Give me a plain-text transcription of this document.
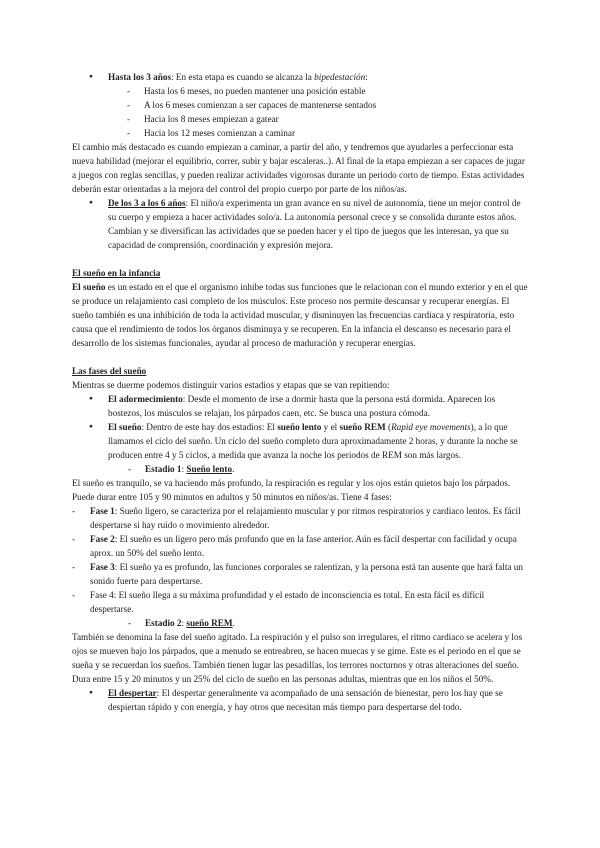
● Hasta los 3 años: En esta etapa es cuando se alcanza la bipedestación:

- Hasta los 6 meses, no pueden mantener una posición estable

- A los 6 meses comienzan a ser capaces de mantenerse sentados

- Hacia los 8 meses empiezan a gatear

- Hacia los 12 meses comienzan a caminar

El cambio más destacado es cuando empiezan a caminar, a partir del año, y tendremos que ayudarles a perfeccionar esta nueva habilidad (mejorar el equilibrio, correr, subir y bajar escaleras..). Al final de la etapa empiezan a ser capaces de jugar a juegos con reglas sencillas, y pueden realizar actividades vigorosas durante un periodo corto de tiempo. Estas actividades deberán estar orientadas a la mejora del control del propio cuerpo por parte de los niños/as.

● De los 3 a los 6 años: El niño/a experimenta un gran avance en su nivel de autonomía, tiene un mejor control de su cuerpo y empieza a hacer actividades solo/a. La autonomía personal crece y se consolida durante estos años. Cambian y se diversifican las actividades que se pueden hacer y el tipo de juegos que les interesan, ya que su capacidad de comprensión, coordinación y expresión mejora.

El sueño en la infancia

El sueño es un estado en el que el organismo inhibe todas sus funciones que le relacionan con el mundo exterior y en el que se produce un relajamiento casi completo de los músculos. Este proceso nos permite descansar y recuperar energías. El sueño también es una inhibición de toda la actividad muscular, y disminuyen las frecuencias cardiaca y respiratoria, esto causa que el rendimiento de todos los órganos disminuya y se recuperen. En la infancia el descanso es necesario para el desarrollo de los sistemas funcionales, ayudar al proceso de maduración y recuperar energías.

Las fases del sueño

Mientras se duerme podemos distinguir varios estadios y etapas que se van repitiendo:

● El adormecimiento: Desde el momento de irse a dormir hasta que la persona está dormida. Aparecen los bostezos, los músculos se relajan, los párpados caen, etc. Se busca una postura cómoda.

● El sueño: Dentro de este hay dos estadios: El sueño lento y el sueño REM (Rapid eye movements), a lo que llamamos el ciclo del sueño. Un ciclo del sueño completo dura aproximadamente 2 horas, y durante la noche se producen entre 4 y 5 ciclos, a medida que avanza la noche los periodos de REM son más largos.

- Estadio 1: Sueño lento.

El sueño es tranquilo, se va haciendo más profundo, la respiración es regular y los ojos están quietos bajo los párpados. Puede durar entre 105 y 90 minutos en adultos y 50 minutos en niños/as. Tiene 4 fases:

- Fase 1: Sueño ligero, se caracteriza por el relajamiento muscular y por ritmos respiratorios y cardiaco lentos. Es fácil despertarse si hay ruido o movimiento alrededor.

- Fase 2: El sueño es un ligero pero más profundo que en la fase anterior. Aún es fácil despertar con facilidad y ocupa aprox. un 50% del sueño lento.

- Fase 3: El sueño ya es profundo, las funciones corporales se ralentizan, y la persona está tan ausente que hará falta un sonido fuerte para despertarse.

- Fase 4: El sueño llega a su máxima profundidad y el estado de inconsciencia es total. En esta fácil es difícil despertarse.

- Estadio 2: sueño REM.

También se denomina la fase del sueño agitado. La respiración y el pulso son irregulares, el ritmo cardiaco se acelera y los ojos se mueven bajo los párpados, que a menudo se entreabren, se hacen muecas y se gime. Este es el periodo en el que se sueña y se recuerdan los sueños. También tienen lugar las pesadillas, los terrores nocturnos y otras alteraciones del sueño. Dura entre 15 y 20 minutos y un 25% del ciclo de sueño en las personas adultas, mientras que en los niños el 50%.

● El despertar: El despertar generalmente va acompañado de una sensación de bienestar, pero los hay que se despiertan rápido y con energía, y hay otros que necesitan más tiempo para despertarse del todo.
